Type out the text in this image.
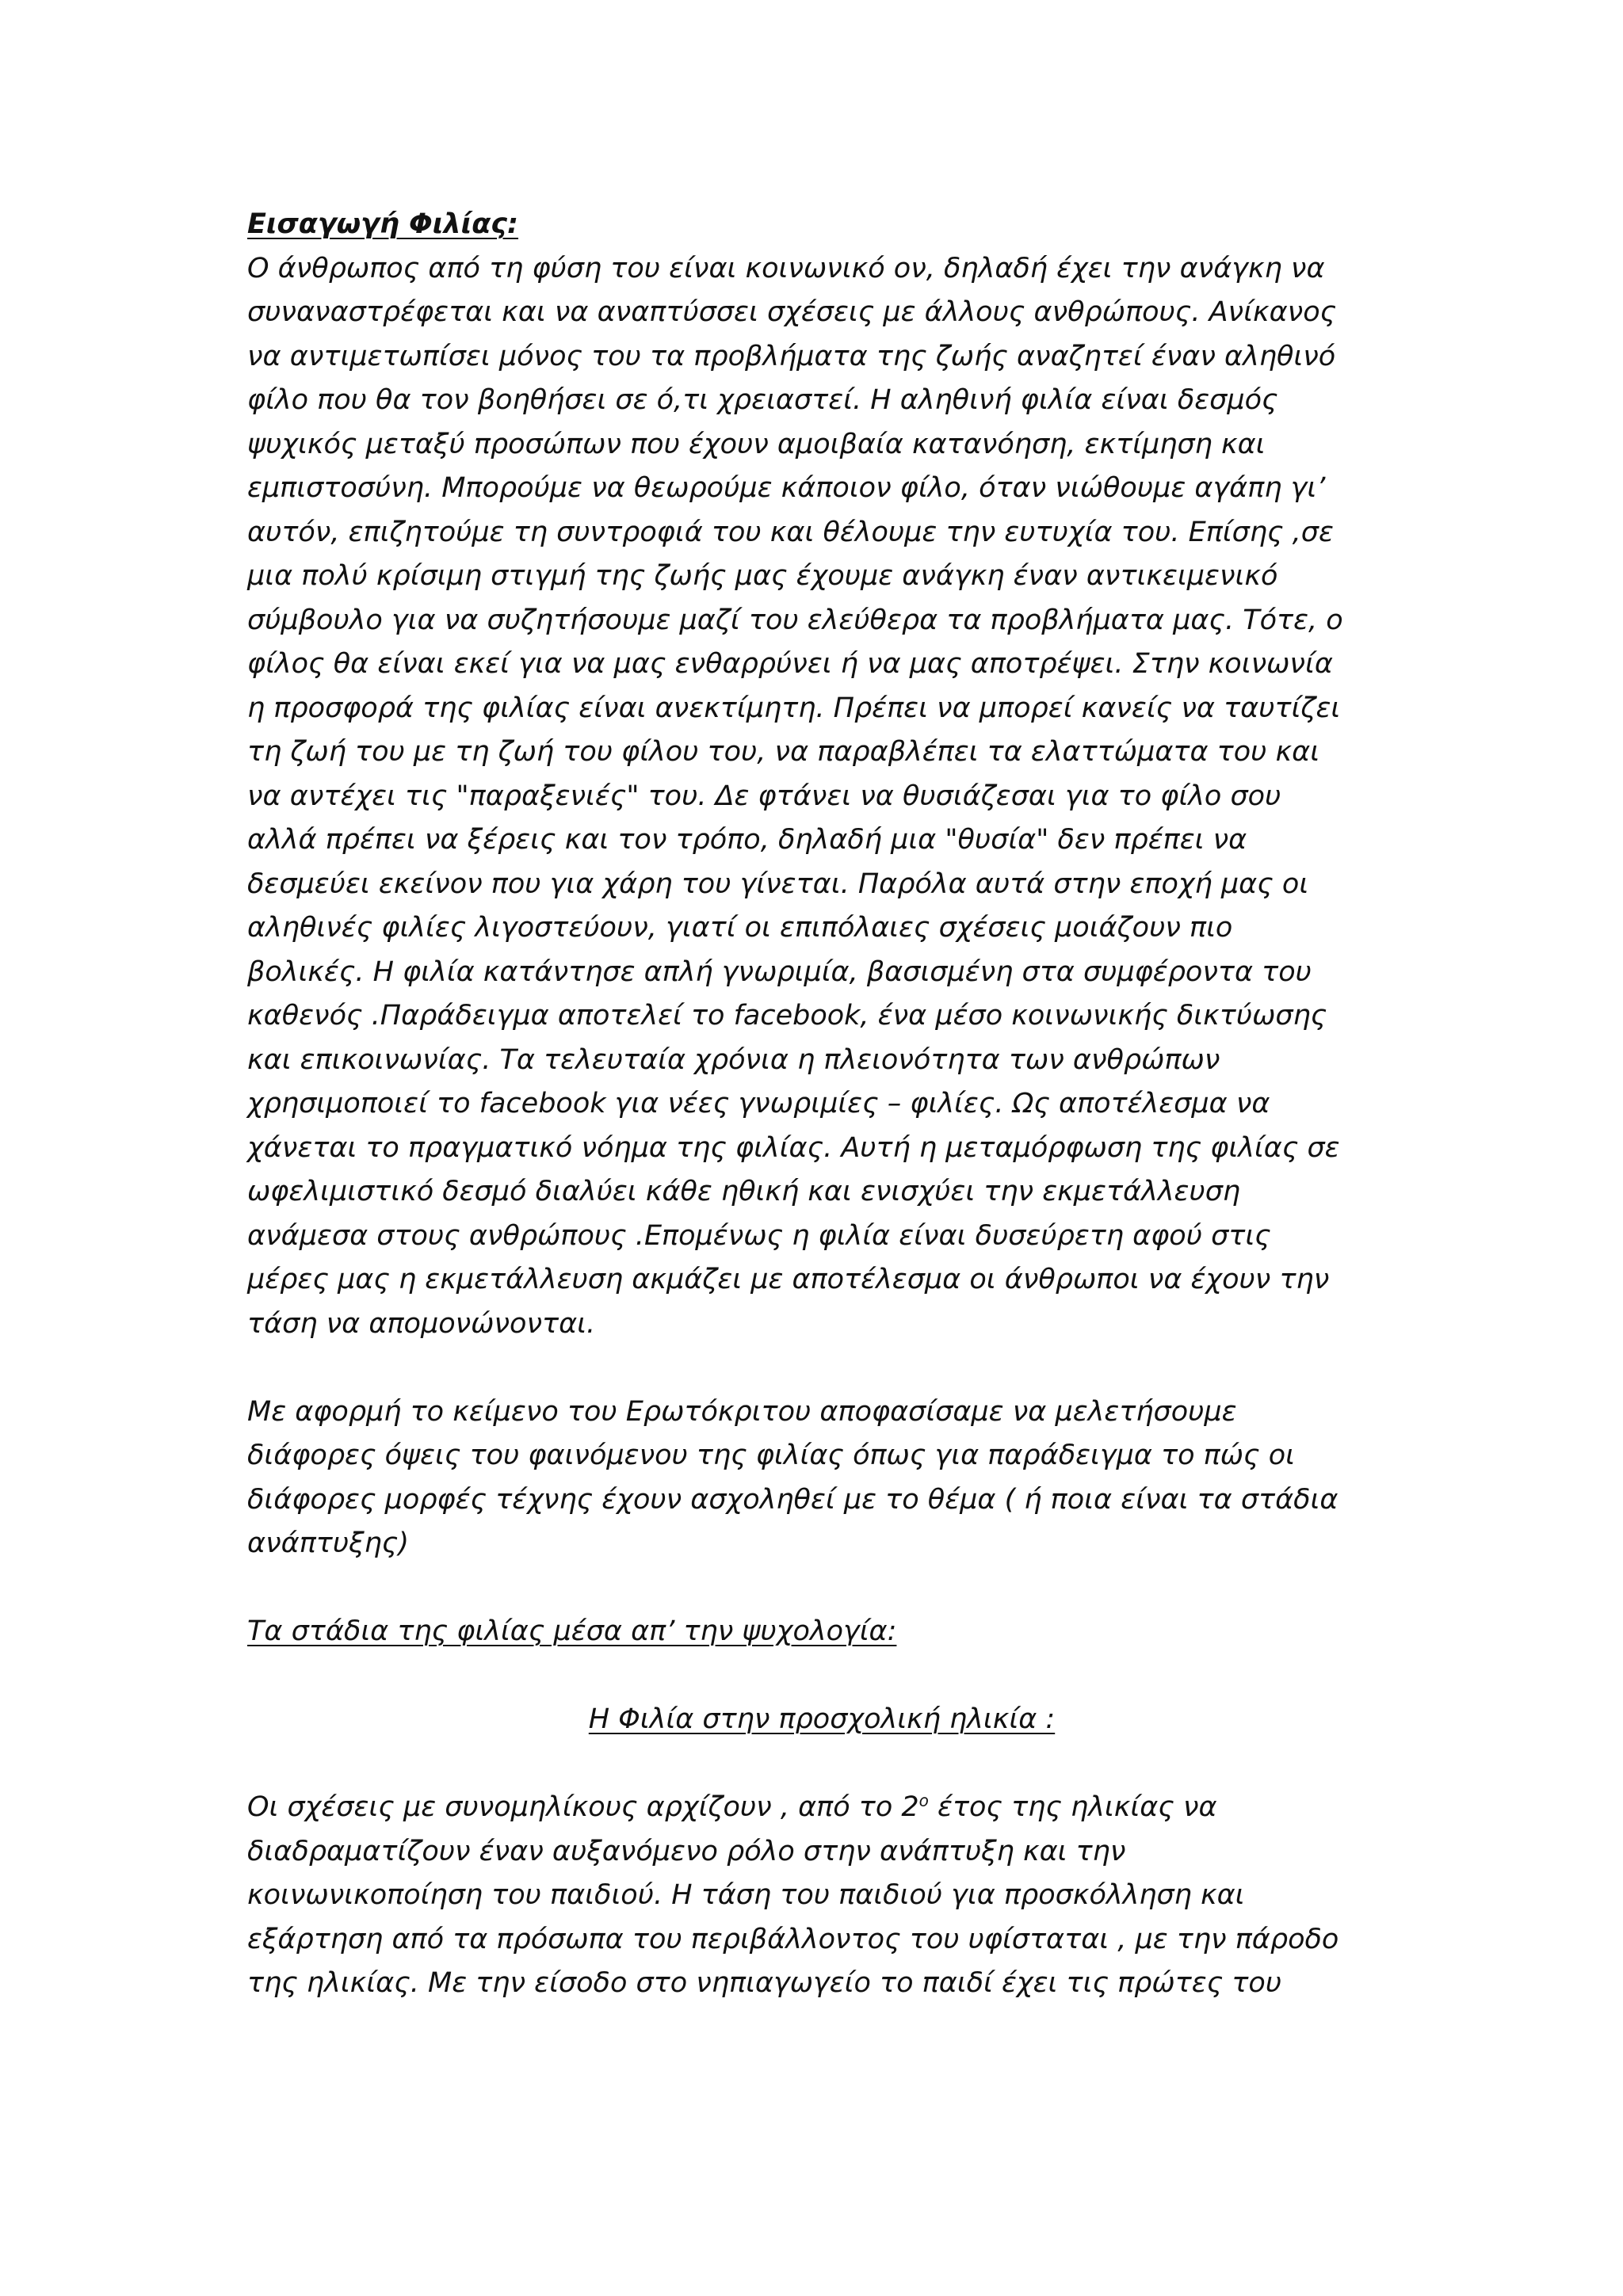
Εισαγωγή Φιλίας:
Ο άνθρωπος από τη φύση του είναι κοινωνικό ον, δηλαδή έχει την ανάγκη να
συναναστρέφεται και να αναπτύσσει σχέσεις με άλλους ανθρώπους. Ανίκανος
να αντιμετωπίσει μόνος του τα προβλήματα της ζωής αναζητεί έναν αληθινό
φίλο που θα τον βοηθήσει σε ό,τι χρειαστεί. Η αληθινή φιλία είναι δεσμός
ψυχικός μεταξύ προσώπων που έχουν αμοιβαία κατανόηση, εκτίμηση και
εμπιστοσύνη. Μπορούμε να θεωρούμε κάποιον φίλο, όταν νιώθουμε αγάπη γι’
αυτόν, επιζητούμε τη συντροφιά του και θέλουμε την ευτυχία του. Επίσης ,σε
μια πολύ κρίσιμη στιγμή της ζωής μας έχουμε ανάγκη έναν αντικειμενικό
σύμβουλο για να συζητήσουμε μαζί του ελεύθερα τα προβλήματα μας. Τότε, ο
φίλος θα είναι εκεί για να μας ενθαρρύνει ή να μας αποτρέψει. Στην κοινωνία
η προσφορά της φιλίας είναι ανεκτίμητη. Πρέπει να μπορεί κανείς να ταυτίζει
τη ζωή του με τη ζωή του φίλου του, να παραβλέπει τα ελαττώματα του και
να αντέχει τις "παραξενιές" του. Δε φτάνει να θυσιάζεσαι για το φίλο σου
αλλά πρέπει να ξέρεις και τον τρόπο, δηλαδή μια "θυσία" δεν πρέπει να
δεσμεύει εκείνον που για χάρη του γίνεται. Παρόλα αυτά στην εποχή μας οι
αληθινές φιλίες λιγοστεύουν, γιατί οι επιπόλαιες σχέσεις μοιάζουν πιο
βολικές. Η φιλία κατάντησε απλή γνωριμία, βασισμένη στα συμφέροντα του
καθενός .Παράδειγμα αποτελεί το facebook, ένα μέσο κοινωνικής δικτύωσης
και επικοινωνίας. Τα τελευταία χρόνια η πλειονότητα των ανθρώπων
χρησιμοποιεί το facebook για νέες γνωριμίες – φιλίες. Ως αποτέλεσμα να
χάνεται το πραγματικό νόημα της φιλίας. Αυτή η μεταμόρφωση της φιλίας σε
ωφελιμιστικό δεσμό διαλύει κάθε ηθική και ενισχύει την εκμετάλλευση
ανάμεσα στους ανθρώπους .Επομένως η φιλία είναι δυσεύρετη αφού στις
μέρες μας η εκμετάλλευση ακμάζει με αποτέλεσμα οι άνθρωποι να έχουν την
τάση να απομονώνονται.
Με αφορμή το κείμενο του Ερωτόκριτου αποφασίσαμε να μελετήσουμε
διάφορες όψεις του φαινόμενου της φιλίας όπως για παράδειγμα το πώς οι
διάφορες μορφές τέχνης έχουν ασχοληθεί με το θέμα ( ή ποια είναι τα στάδια
ανάπτυξης)
Τα στάδια της φιλίας μέσα απ’ την ψυχολογία:
Η Φιλία στην προσχολική ηλικία :
Οι σχέσεις με συνομηλίκους αρχίζουν , από το $2^o$ έτος της ηλικίας να
διαδραματίζουν έναν αυξανόμενο ρόλο στην ανάπτυξη και την
κοινωνικοποίηση του παιδιού. Η τάση του παιδιού για προσκόλληση και
εξάρτηση από τα πρόσωπα του περιβάλλοντος του υφίσταται , με την πάροδο
της ηλικίας. Με την είσοδο στο νηπιαγωγείο το παιδί έχει τις πρώτες του
